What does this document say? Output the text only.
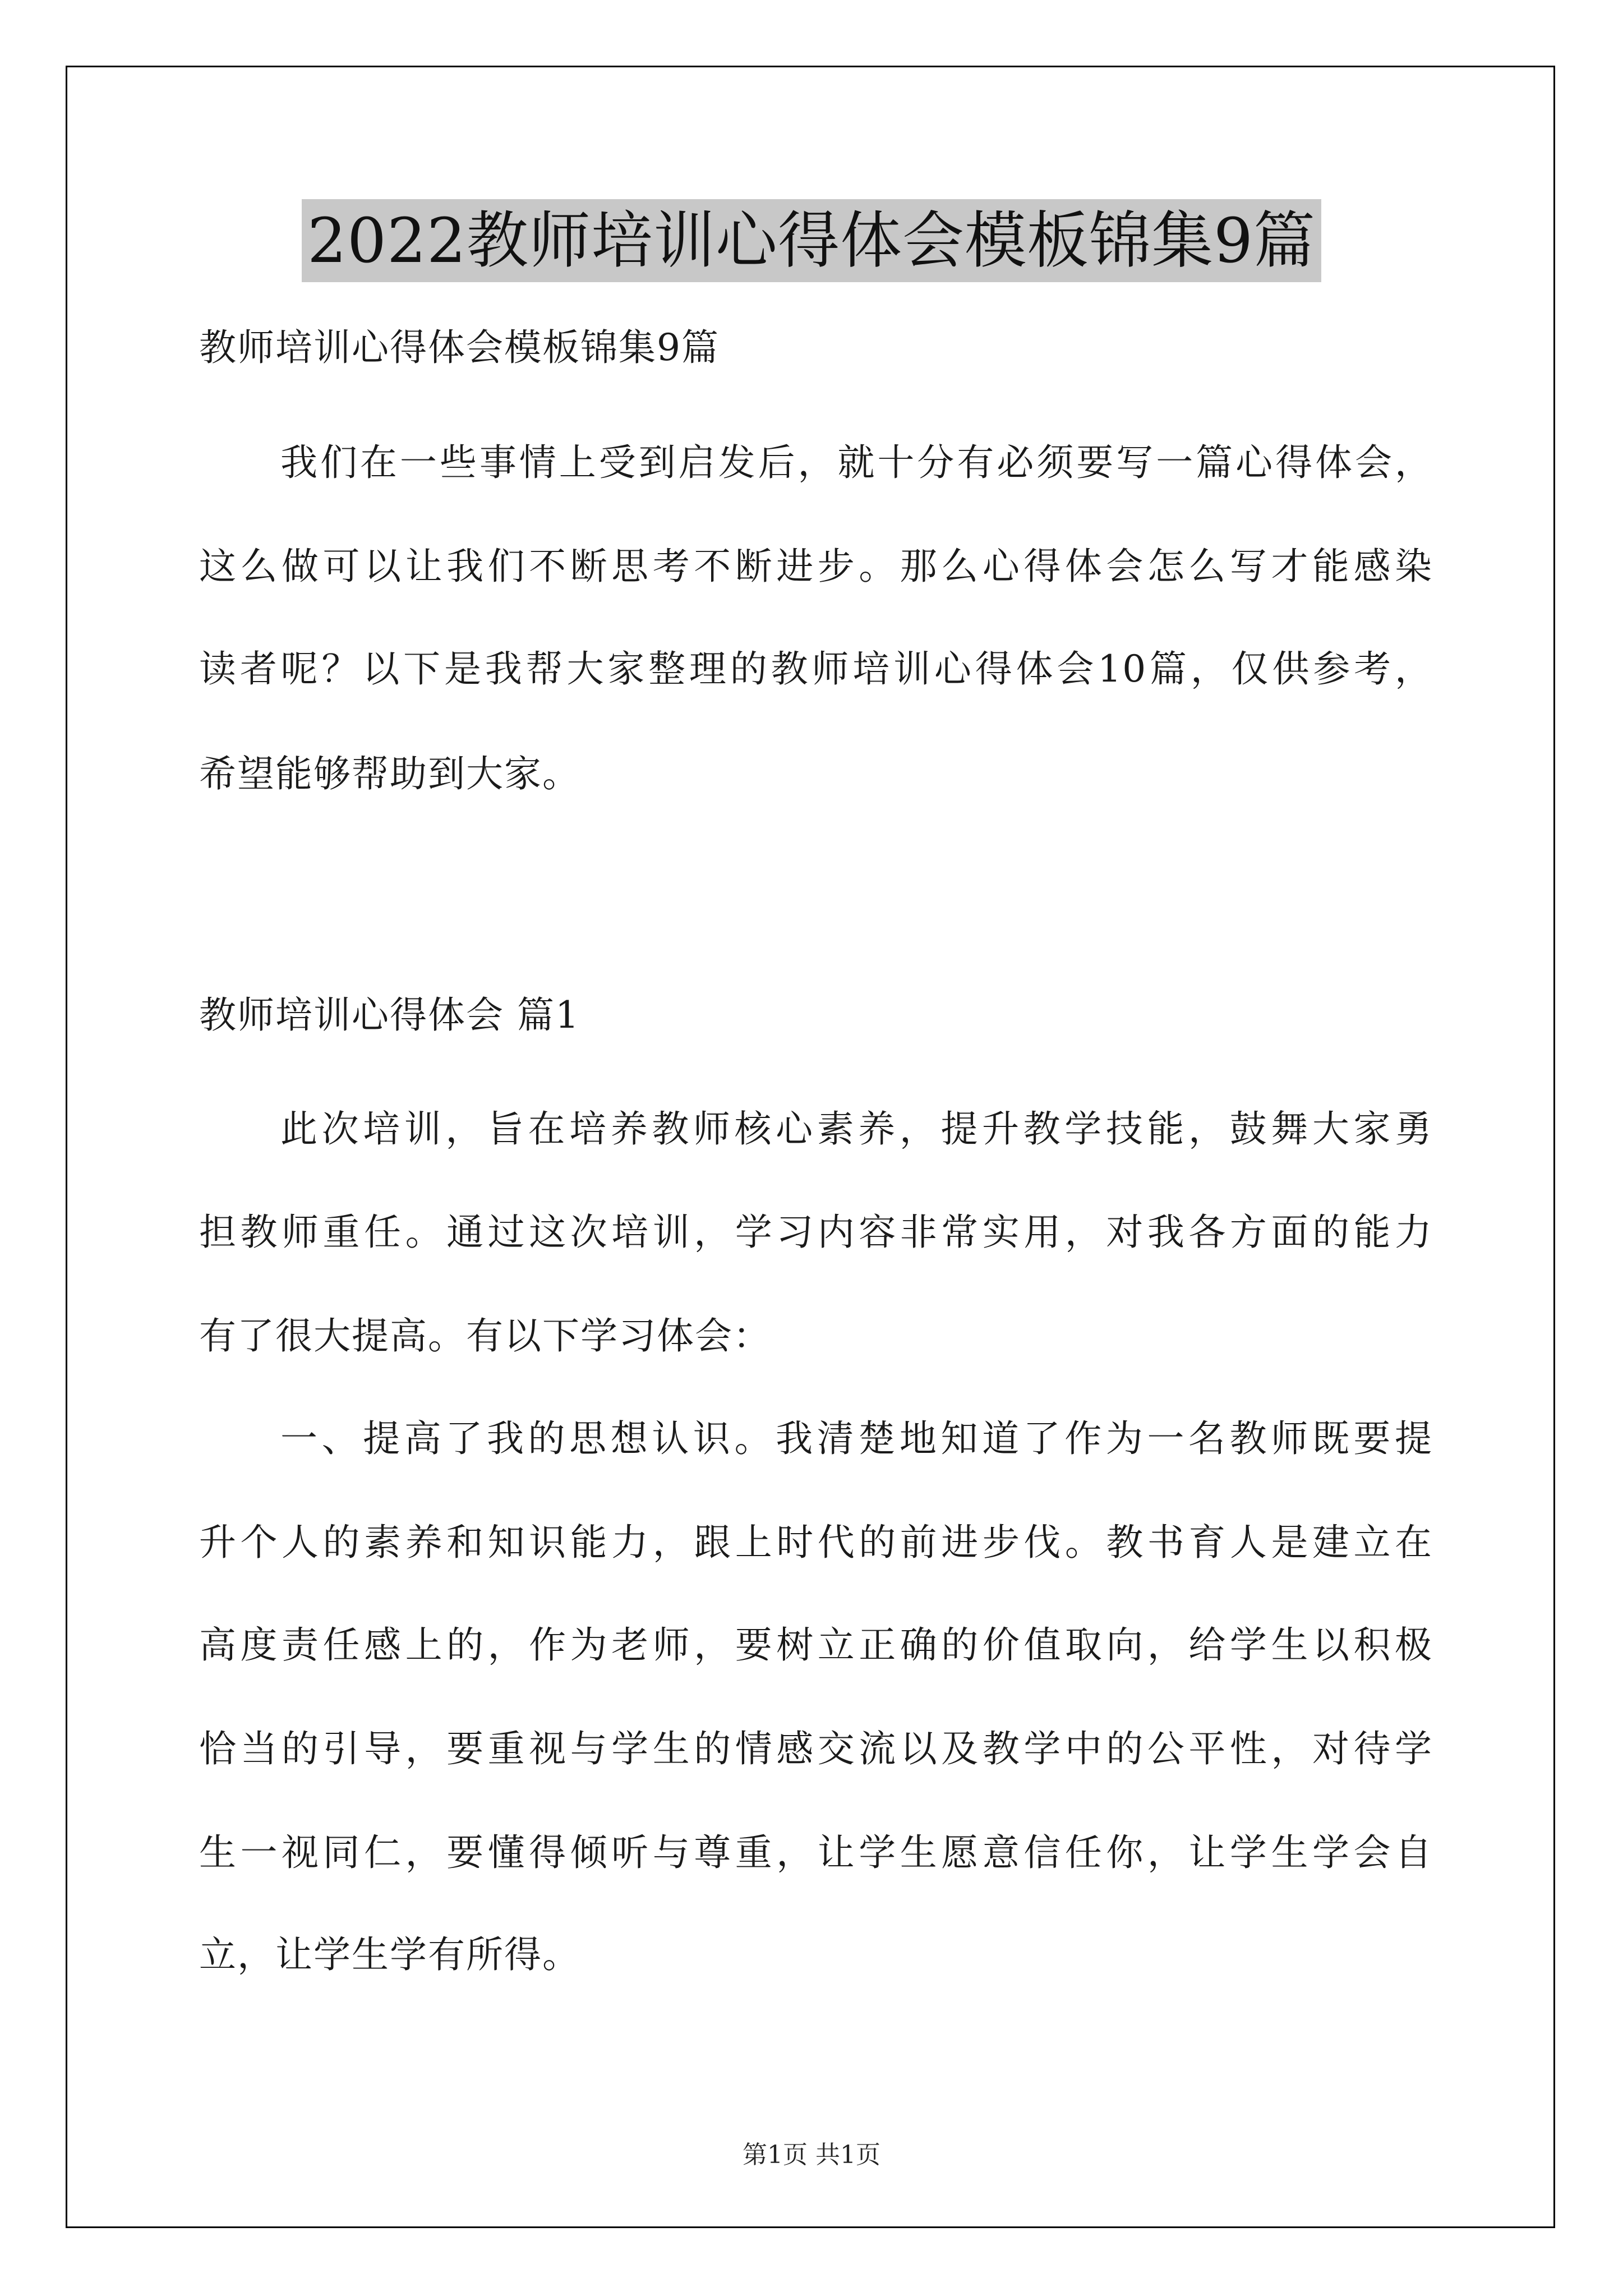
2022教师培训心得体会模板锦集9篇
教师培训心得体会模板锦集9篇
我们在一些事情上受到启发后，就十分有必须要写一篇心得体会，
这么做可以让我们不断思考不断进步。那么心得体会怎么写才能感染
读者呢？以下是我帮大家整理的教师培训心得体会10篇，仅供参考，
希望能够帮助到大家。
教师培训心得体会 篇1
此次培训，旨在培养教师核心素养，提升教学技能，鼓舞大家勇
担教师重任。通过这次培训，学习内容非常实用，对我各方面的能力
有了很大提高。有以下学习体会：
一、提高了我的思想认识。我清楚地知道了作为一名教师既要提
升个人的素养和知识能力，跟上时代的前进步伐。教书育人是建立在
高度责任感上的，作为老师，要树立正确的价值取向，给学生以积极
恰当的引导，要重视与学生的情感交流以及教学中的公平性，对待学
生一视同仁，要懂得倾听与尊重，让学生愿意信任你，让学生学会自
立，让学生学有所得。
第1页 共1页
